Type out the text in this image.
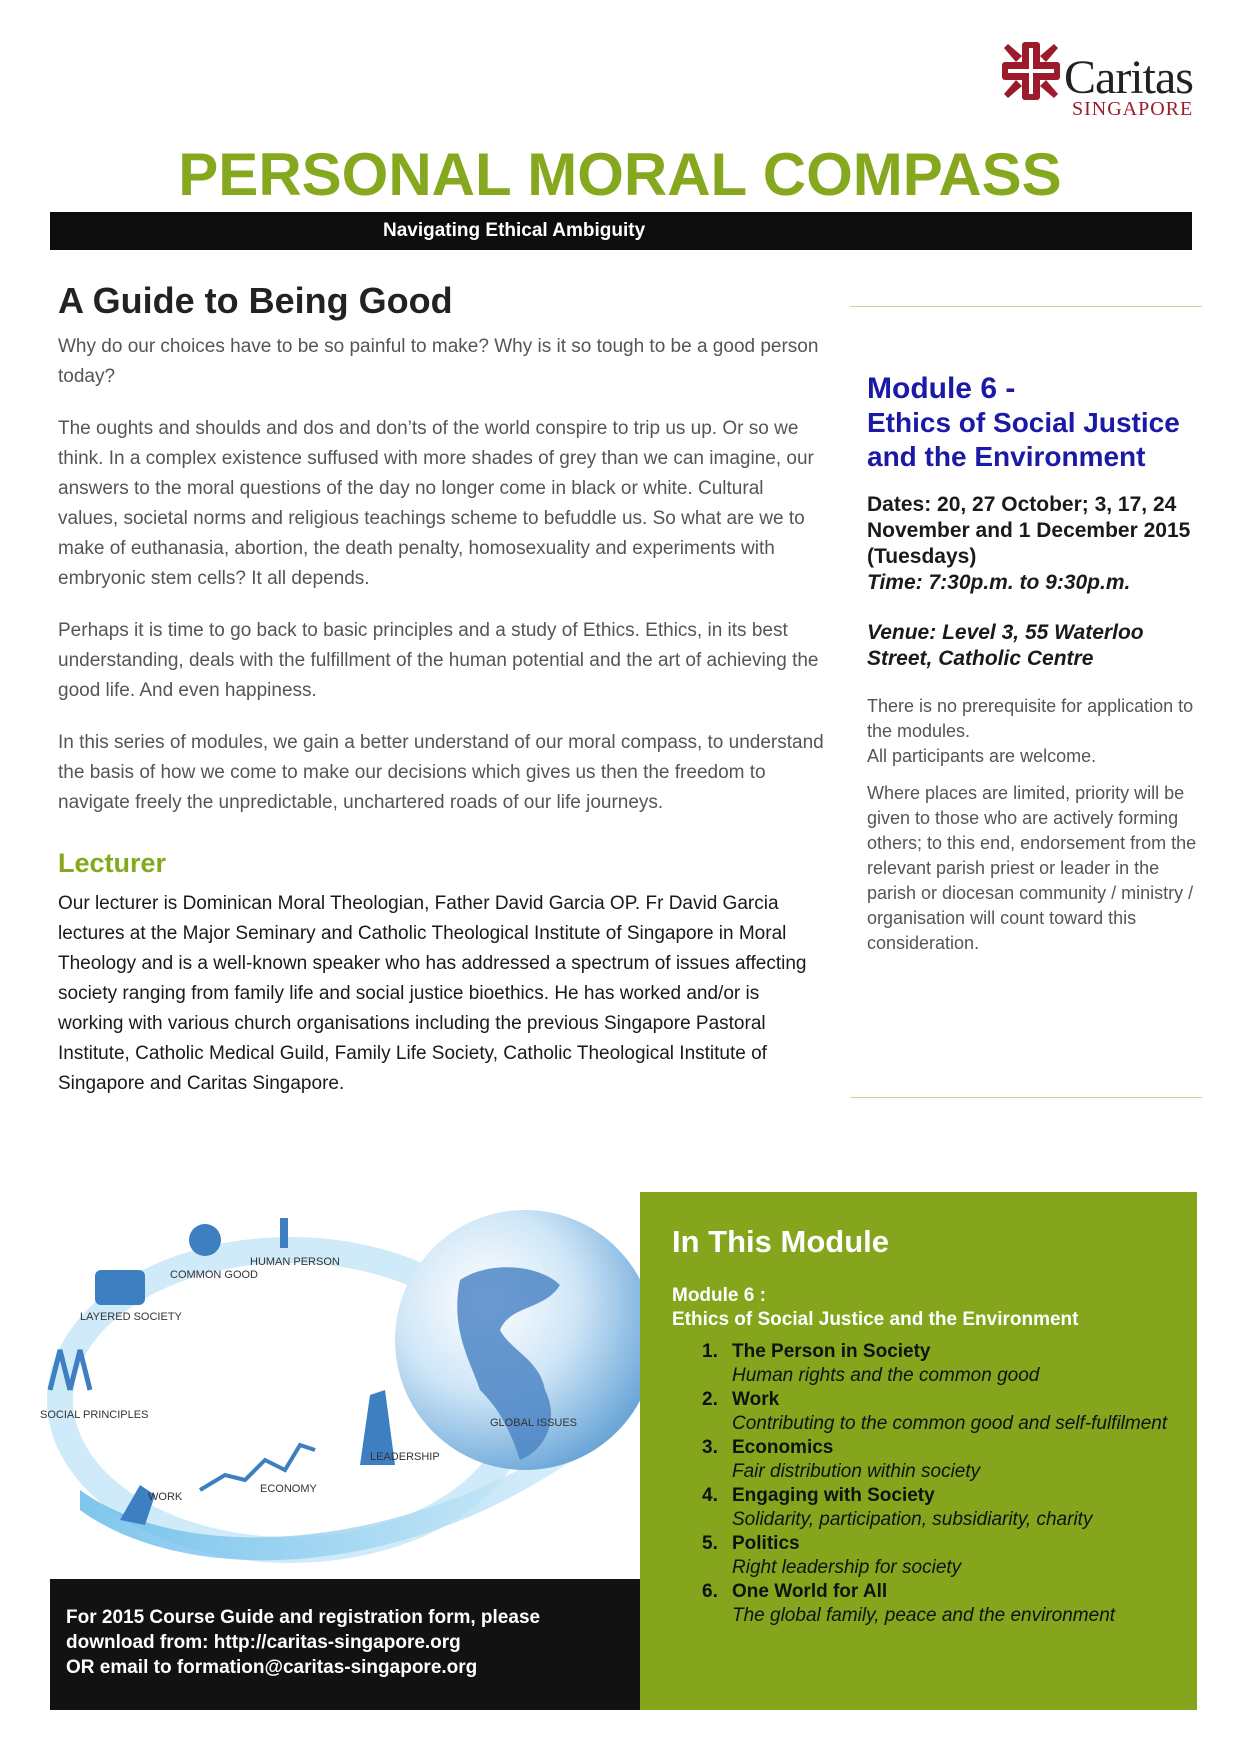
Caritas
SINGAPORE
PERSONAL MORAL COMPASS
Navigating Ethical Ambiguity
A Guide to Being Good

Why do our choices have to be so painful to make? Why is it so tough to be a good person today?

The oughts and shoulds and dos and don’ts of the world conspire to trip us up. Or so we think. In a complex existence suffused with more shades of grey than we can imagine, our answers to the moral questions of the day no longer come in black or white. Cultural values, societal norms and religious teachings scheme to befuddle us. So what are we to make of euthanasia, abortion, the death penalty, homosexuality and experiments with embryonic stem cells? It all depends.

Perhaps it is time to go back to basic principles and a study of Ethics. Ethics, in its best understanding, deals with the fulfillment of the human potential and the art of achieving the good life. And even happiness.

In this series of modules, we gain a better understand of our moral compass, to understand the basis of how we come to make our decisions which gives us then the freedom to navigate freely the unpredictable, unchartered roads of our life journeys.

Lecturer

Our lecturer is Dominican Moral Theologian, Father David Garcia OP. Fr David Garcia lectures at the Major Seminary and Catholic Theological Institute of Singapore in Moral Theology and is a well-known speaker who has addressed a spectrum of issues affecting society ranging from family life and social justice bioethics. He has worked and/or is working with various church organisations including the previous Singapore Pastoral Institute, Catholic Medical Guild, Family Life Society, Catholic Theological Institute of Singapore and Caritas Singapore.

Module 6 -
Ethics of Social Justice and the Environment
Dates: 20, 27 October; 3, 17, 24 November and 1 December 2015 (Tuesdays)
Time: 7:30p.m. to 9:30p.m.
Venue: Level 3, 55 Waterloo Street, Catholic Centre

There is no prerequisite for application to the modules.

All participants are welcome.

Where places are limited, priority will be given to those who are actively forming others; to this end, endorsement from the relevant parish priest or leader in the parish or diocesan community / ministry / organisation will count toward this consideration.

COMMON GOOD
HUMAN PERSON
LAYERED SOCIETY
SOCIAL PRINCIPLES
GLOBAL ISSUES
LEADERSHIP
ECONOMY
WORK
In This Module
Module 6 :
Ethics of Social Justice and the Environment
1. The Person in Society
Human rights and the common good
2. Work
Contributing to the common good and self-fulfilment
3. Economics
Fair distribution within society
4. Engaging with Society
Solidarity, participation, subsidiarity, charity
5. Politics
Right leadership for society
6. One World for All
The global family, peace and the environment
For 2015 Course Guide and registration form, please
download from: http://caritas-singapore.org
OR email to formation@caritas-singapore.org
